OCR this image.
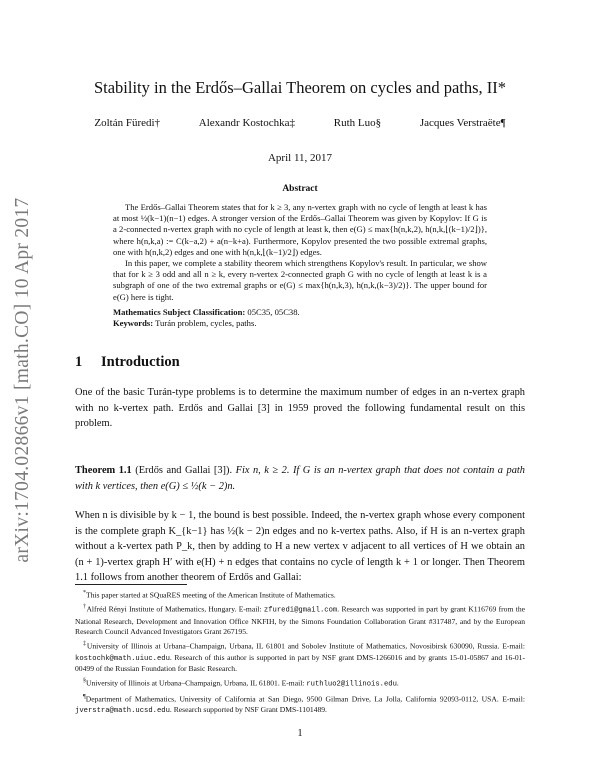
arXiv:1704.02866v1 [math.CO] 10 Apr 2017
Stability in the Erdős–Gallai Theorem on cycles and paths, II*
Zoltán Füredi†	Alexandr Kostochka‡	Ruth Luo§	Jacques Verstraëte¶
April 11, 2017
Abstract

The Erdős–Gallai Theorem states that for k ≥ 3, any n-vertex graph with no cycle of length at least k has at most ½(k−1)(n−1) edges. A stronger version of the Erdős–Gallai Theorem was given by Kopylov: If G is a 2-connected n-vertex graph with no cycle of length at least k, then e(G) ≤ max{h(n,k,2), h(n,k,⌊(k−1)/2⌋)}, where h(n,k,a) := C(k−a,2) + a(n−k+a). Furthermore, Kopylov presented the two possible extremal graphs, one with h(n,k,2) edges and one with h(n,k,⌊(k−1)/2⌋) edges.

In this paper, we complete a stability theorem which strengthens Kopylov's result. In particular, we show that for k ≥ 3 odd and all n ≥ k, every n-vertex 2-connected graph G with no cycle of length at least k is a subgraph of one of the two extremal graphs or e(G) ≤ max{h(n,k,3), h(n,k,(k−3)/2)}. The upper bound for e(G) here is tight.

Mathematics Subject Classification: 05C35, 05C38.

Keywords: Turán problem, cycles, paths.

1 Introduction

One of the basic Turán-type problems is to determine the maximum number of edges in an n-vertex graph with no k-vertex path. Erdős and Gallai [3] in 1959 proved the following fundamental result on this problem.

Theorem 1.1 (Erdős and Gallai [3]). Fix n, k ≥ 2. If G is an n-vertex graph that does not contain a path with k vertices, then e(G) ≤ ½(k − 2)n.

When n is divisible by k − 1, the bound is best possible. Indeed, the n-vertex graph whose every component is the complete graph K_{k−1} has ½(k − 2)n edges and no k-vertex paths. Also, if H is an n-vertex graph without a k-vertex path P_k, then by adding to H a new vertex v adjacent to all vertices of H we obtain an (n + 1)-vertex graph H′ with e(H) + n edges that contains no cycle of length k + 1 or longer. Then Theorem 1.1 follows from another theorem of Erdős and Gallai:

*This paper started at SQuaRES meeting of the American Institute of Mathematics.

†Alfréd Rényi Institute of Mathematics, Hungary. E-mail: zfuredi@gmail.com. Research was supported in part by grant K116769 from the National Research, Development and Innovation Office NKFIH, by the Simons Foundation Collaboration Grant #317487, and by the European Research Council Advanced Investigators Grant 267195.

‡University of Illinois at Urbana–Champaign, Urbana, IL 61801 and Sobolev Institute of Mathematics, Novosibirsk 630090, Russia. E-mail: kostochk@math.uiuc.edu. Research of this author is supported in part by NSF grant DMS-1266016 and by grants 15-01-05867 and 16-01-00499 of the Russian Foundation for Basic Research.

§University of Illinois at Urbana–Champaign, Urbana, IL 61801. E-mail: ruthluo2@illinois.edu.

¶Department of Mathematics, University of California at San Diego, 9500 Gilman Drive, La Jolla, California 92093-0112, USA. E-mail: jverstra@math.ucsd.edu. Research supported by NSF Grant DMS-1101489.

1
